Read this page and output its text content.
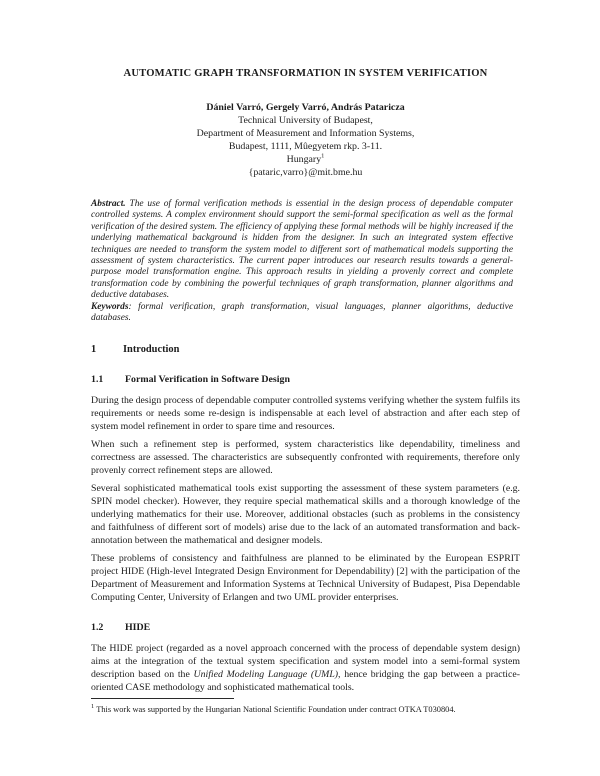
AUTOMATIC GRAPH TRANSFORMATION IN SYSTEM VERIFICATION
Dániel Varró, Gergely Varró, András Pataricza
Technical University of Budapest,
Department of Measurement and Information Systems,
Budapest, 1111, Mûegyetem rkp. 3-11.
Hungary$^1$
{pataric,varro}@mit.bme.hu

Abstract. The use of formal verification methods is essential in the design process of dependable computer controlled systems. A complex environment should support the semi-formal specification as well as the formal verification of the desired system. The efficiency of applying these formal methods will be highly increased if the underlying mathematical background is hidden from the designer. In such an integrated system effective techniques are needed to transform the system model to different sort of mathematical models supporting the assessment of system characteristics. The current paper introduces our research results towards a general-purpose model transformation engine. This approach results in yielding a provenly correct and complete transformation code by combining the powerful techniques of graph transformation, planner algorithms and deductive databases.

Keywords: formal verification, graph transformation, visual languages, planner algorithms, deductive databases.

1	Introduction
1.1 Formal Verification in Software Design

During the design process of dependable computer controlled systems verifying whether the system fulfils its requirements or needs some re-design is indispensable at each level of abstraction and after each step of system model refinement in order to spare time and resources.

When such a refinement step is performed, system characteristics like dependability, timeliness and correctness are assessed. The characteristics are subsequently confronted with requirements, therefore only provenly correct refinement steps are allowed.

Several sophisticated mathematical tools exist supporting the assessment of these system parameters (e.g. SPIN model checker). However, they require special mathematical skills and a thorough knowledge of the underlying mathematics for their use. Moreover, additional obstacles (such as problems in the consistency and faithfulness of different sort of models) arise due to the lack of an automated transformation and back-annotation between the mathematical and designer models.

These problems of consistency and faithfulness are planned to be eliminated by the European ESPRIT project HIDE (High-level Integrated Design Environment for Dependability) [2] with the participation of the Department of Measurement and Information Systems at Technical University of Budapest, Pisa Dependable Computing Center, University of Erlangen and two UML provider enterprises.

1.2 HIDE

The HIDE project (regarded as a novel approach concerned with the process of dependable system design) aims at the integration of the textual system specification and system model into a semi-formal system description based on the Unified Modeling Language (UML), hence bridging the gap between a practice-oriented CASE methodology and sophisticated mathematical tools.

$^1$ This work was supported by the Hungarian National Scientific Foundation under contract OTKA T030804.
